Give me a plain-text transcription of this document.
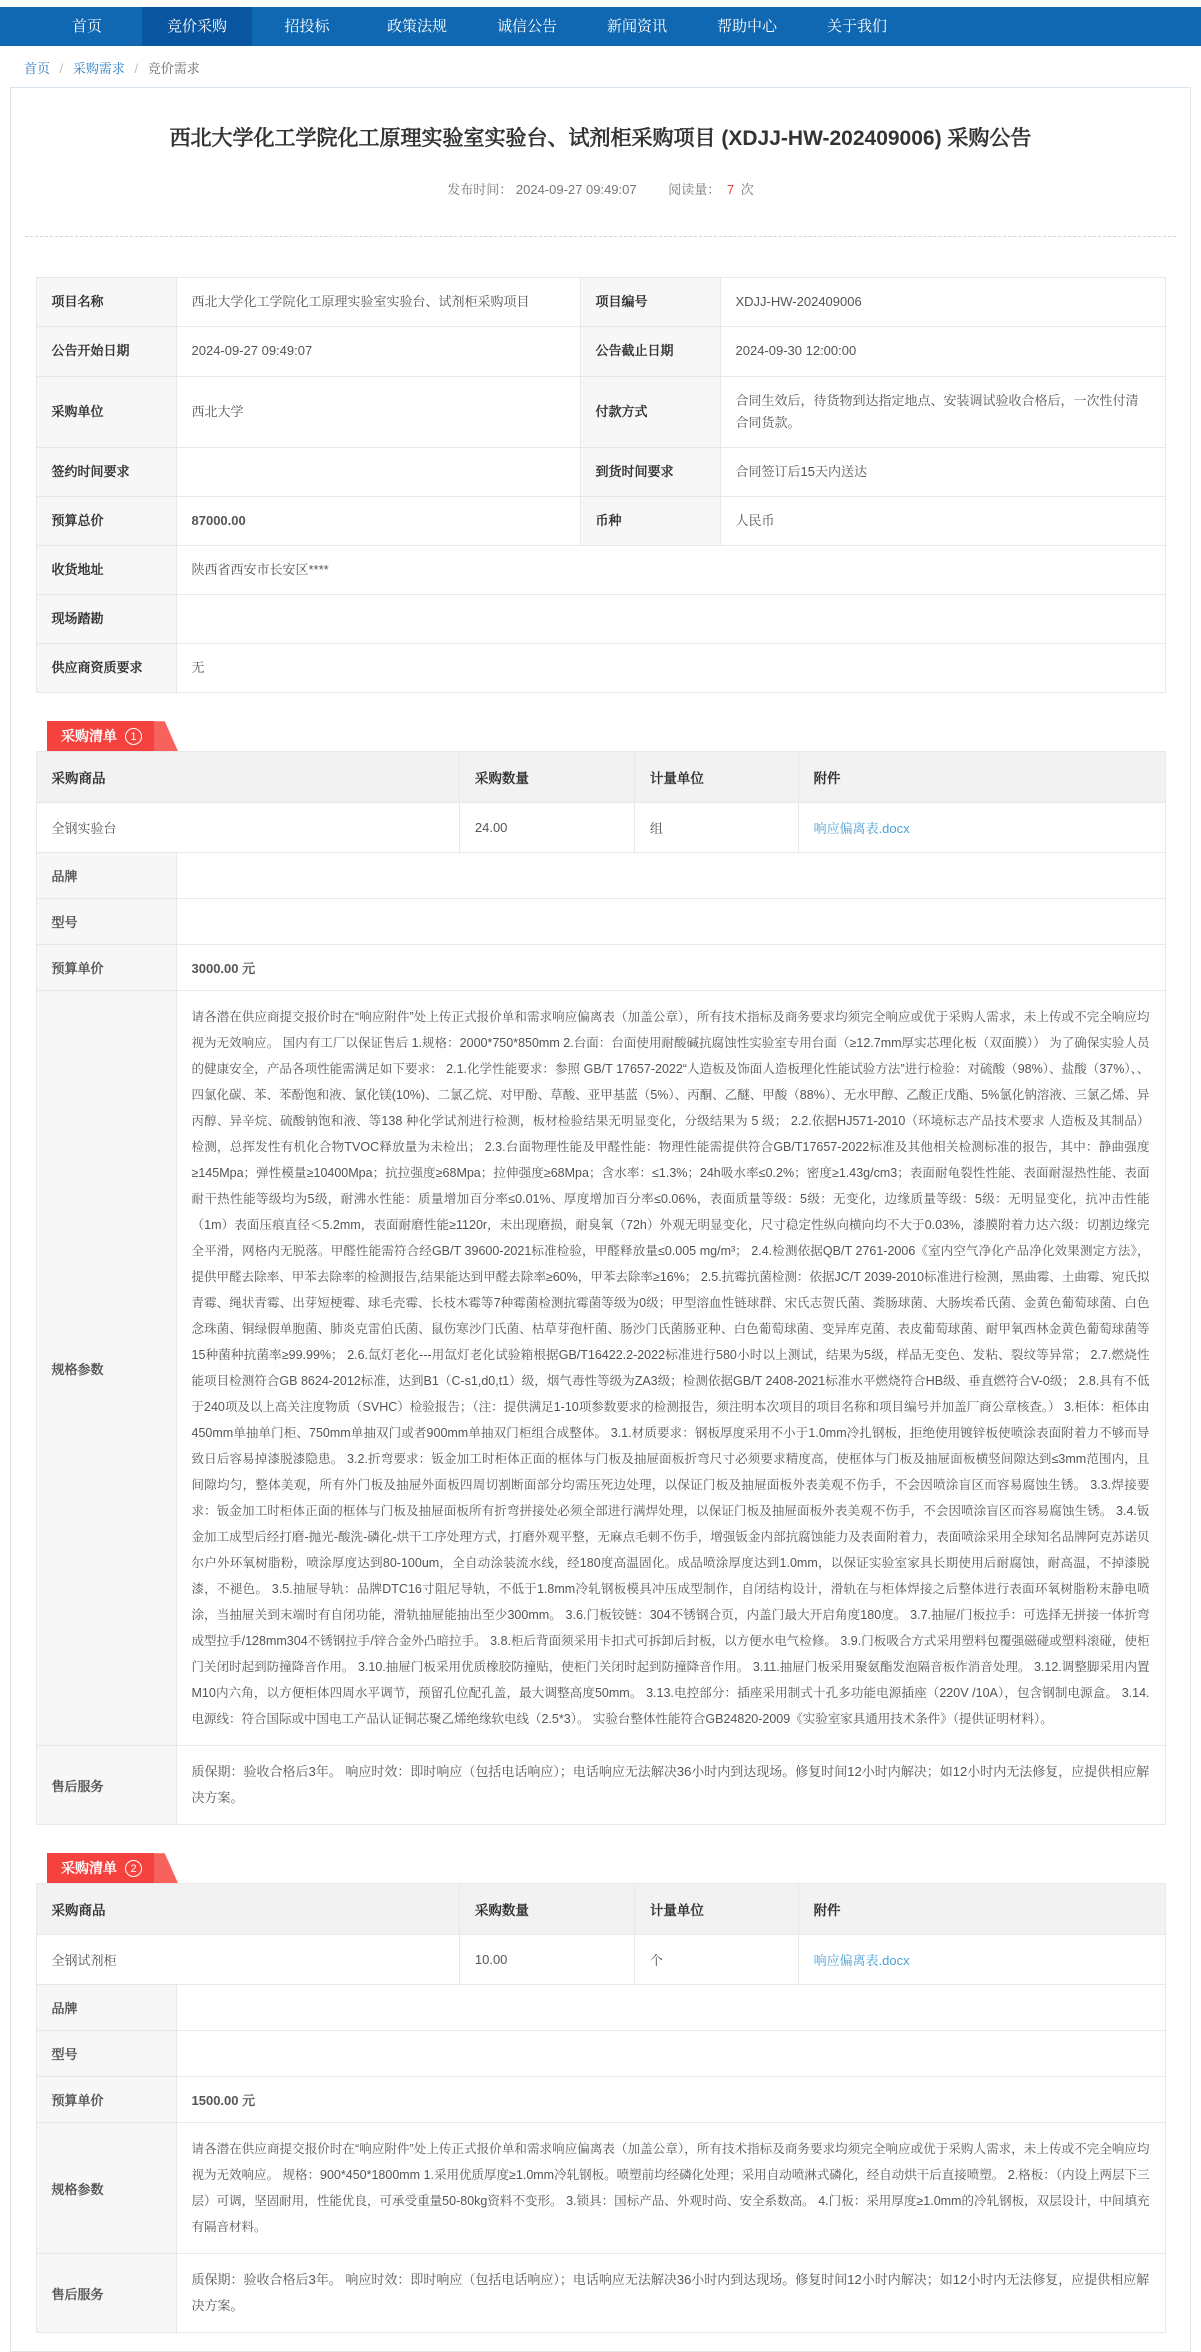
首页	竞价采购	招投标	政策法规	诚信公告	新闻资讯	帮助中心	关于我们
首页 / 采购需求 / 竞价需求
西北大学化工学院化工原理实验室实验台、试剂柜采购项目 (XDJJ-HW-202409006) 采购公告
发布时间： 2024-09-27 09:49:07 阅读量： 7 次
项目名称	西北大学化工学院化工原理实验室实验台、试剂柜采购项目	项目编号	XDJJ-HW-202409006
公告开始日期	2024-09-27 09:49:07	公告截止日期	2024-09-30 12:00:00
采购单位	西北大学	付款方式	合同生效后，待货物到达指定地点、安装调试验收合格后，一次性付清合同货款。
签约时间要求		到货时间要求	合同签订后15天内送达
预算总价	87000.00	币种	人民币
收货地址	陕西省西安市长安区****		
现场踏勘			
供应商资质要求	无		
采购清单	1
采购商品	采购数量	计量单位	附件
全钢实验台	24.00	组	响应偏离表.docx
品牌	
型号	
预算单价	3000.00 元
规格参数	请各潜在供应商提交报价时在“响应附件”处上传正式报价单和需求响应偏离表（加盖公章），所有技术指标及商务要求均须完全响应或优于采购人需求，未上传或不完全响应均视为无效响应。 国内有工厂以保证售后 1.规格：2000*750*850mm 2.台面：台面使用耐酸碱抗腐蚀性实验室专用台面（≥12.7mm厚实芯理化板（双面膜）） 为了确保实验人员的健康安全，产品各项性能需满足如下要求： 2.1.化学性能要求：参照 GB/T 17657-2022“人造板及饰面人造板理化性能试验方法”进行检验：对硫酸（98%）、盐酸（37%）、、四氯化碳、苯、苯酚饱和液、氯化镁(10%)、二氯乙烷、对甲酚、草酸、亚甲基蓝（5%）、丙酮、乙醚、甲酸（88%）、无水甲醇、乙酸正戊酯、5%氯化钠溶液、三氯乙烯、异丙醇、异辛烷、硫酸钠饱和液、等138 种化学试剂进行检测，板材检验结果无明显变化，分级结果为 5 级； 2.2.依据HJ571-2010（环境标志产品技术要求 人造板及其制品）检测，总挥发性有机化合物TVOC释放量为未检出； 2.3.台面物理性能及甲醛性能：物理性能需提供符合GB/T17657-2022标准及其他相关检测标准的报告，其中：静曲强度≥145Mpa；弹性模量≥10400Mpa；抗拉强度≥68Mpa；拉伸强度≥68Mpa；含水率：≤1.3%；24h吸水率≤0.2%；密度≥1.43g/cm3；表面耐龟裂性性能、表面耐湿热性能、表面耐干热性能等级均为5级，耐沸水性能：质量增加百分率≤0.01%、厚度增加百分率≤0.06%，表面质量等级：5级：无变化，边缘质量等级：5级：无明显变化，抗冲击性能（1m）表面压痕直径＜5.2mm，表面耐磨性能≥1120r，未出现磨损，耐臭氧（72h）外观无明显变化，尺寸稳定性纵向横向均不大于0.03%，漆膜附着力达六级：切割边缘完全平滑，网格内无脱落。甲醛性能需符合经GB/T 39600-2021标准检验，甲醛释放量≤0.005 mg/m³； 2.4.检测依据QB/T 2761-2006《室内空气净化产品净化效果测定方法》，提供甲醛去除率、甲苯去除率的检测报告,结果能达到甲醛去除率≥60%，甲苯去除率≥16%； 2.5.抗霉抗菌检测：依据JC/T 2039-2010标准进行检测，黑曲霉、土曲霉、宛氏拟青霉、绳状青霉、出芽短梗霉、球毛壳霉、长枝木霉等7种霉菌检测抗霉菌等级为0级；甲型溶血性链球群、宋氏志贺氏菌、粪肠球菌、大肠埃希氏菌、金黄色葡萄球菌、白色念珠菌、铜绿假单胞菌、肺炎克雷伯氏菌、鼠伤寒沙门氏菌、枯草芽孢杆菌、肠沙门氏菌肠亚种、白色葡萄球菌、变异库克菌、表皮葡萄球菌、耐甲氧西林金黄色葡萄球菌等15种菌种抗菌率≥99.99%； 2.6.氙灯老化---用氙灯老化试验箱根据GB/T16422.2-2022标准进行580小时以上测试，结果为5级，样品无变色、发粘、裂纹等异常； 2.7.燃烧性能项目检测符合GB 8624-2012标准，达到B1（C-s1,d0,t1）级，烟气毒性等级为ZA3级；检测依据GB/T 2408-2021标准水平燃烧符合HB级、垂直燃符合V-0级； 2.8.具有不低于240项及以上高关注度物质（SVHC）检验报告；（注：提供满足1-10项参数要求的检测报告，须注明本次项目的项目名称和项目编号并加盖厂商公章核查。） 3.柜体：柜体由450mm单抽单门柜、750mm单抽双门或者900mm单抽双门柜组合成整体。 3.1.材质要求：钢板厚度采用不小于1.0mm冷扎钢板，拒绝使用镀锌板使喷涂表面附着力不够而导致日后容易掉漆脱漆隐患。 3.2.折弯要求：钣金加工时柜体正面的框体与门板及抽屉面板折弯尺寸必须要求精度高，使框体与门板及抽屉面板横竖间隙达到≤3mm范围内，且间隙均匀，整体美观，所有外门板及抽屉外面板四周切割断面部分均需压死边处理，以保证门板及抽屉面板外表美观不伤手，不会因喷涂盲区而容易腐蚀生锈。 3.3.焊接要求：钣金加工时柜体正面的框体与门板及抽屉面板所有折弯拼接处必须全部进行满焊处理，以保证门板及抽屉面板外表美观不伤手，不会因喷涂盲区而容易腐蚀生锈。 3.4.钣金加工成型后经打磨-抛光-酸洗-磷化-烘干工序处理方式，打磨外观平整，无麻点毛刺不伤手，增强钣金内部抗腐蚀能力及表面附着力，表面喷涂采用全球知名品牌阿克苏诺贝尔户外环氧树脂粉，喷涂厚度达到80-100um，全自动涂装流水线，经180度高温固化。成品喷涂厚度达到1.0mm，以保证实验室家具长期使用后耐腐蚀，耐高温，不掉漆脱漆，不褪色。 3.5.抽屉导轨：品牌DTC16寸阻尼导轨，不低于1.8mm冷轧钢板模具冲压成型制作，自闭结构设计，滑轨在与柜体焊接之后整体进行表面环氧树脂粉末静电喷涂，当抽屉关到末端时有自闭功能，滑轨抽屉能抽出至少300mm。 3.6.门板铰链：304不锈钢合页，内盖门最大开启角度180度。 3.7.抽屉/门板拉手：可选择无拼接一体折弯成型拉手/128mm304不锈钢拉手/锌合金外凸暗拉手。 3.8.柜后背面须采用卡扣式可拆卸后封板，以方便水电气检修。 3.9.门板吸合方式采用塑料包覆强磁碰或塑料滚碰，使柜门关闭时起到防撞降音作用。 3.10.抽屉门板采用优质橡胶防撞贴，使柜门关闭时起到防撞降音作用。 3.11.抽屉门板采用聚氨酯发泡隔音板作消音处理。 3.12.调整脚采用内置M10内六角，以方便柜体四周水平调节，预留孔位配孔盖，最大调整高度50mm。 3.13.电控部分：插座采用制式十孔多功能电源插座（220V /10A），包含钢制电源盒。 3.14.电源线：符合国际或中国电工产品认证铜芯聚乙烯绝缘软电线（2.5*3）。 实验台整体性能符合GB24820-2009《实验室家具通用技术条件》（提供证明材料）。
售后服务	质保期：验收合格后3年。 响应时效：即时响应（包括电话响应）；电话响应无法解决36小时内到达现场。修复时间12小时内解决；如12小时内无法修复，应提供相应解决方案。
采购清单	2
采购商品	采购数量	计量单位	附件
全钢试剂柜	10.00	个	响应偏离表.docx
品牌	
型号	
预算单价	1500.00 元
规格参数	请各潜在供应商提交报价时在“响应附件”处上传正式报价单和需求响应偏离表（加盖公章），所有技术指标及商务要求均须完全响应或优于采购人需求，未上传或不完全响应均视为无效响应。 规格：900*450*1800mm 1.采用优质厚度≥1.0mm冷轧钢板。喷塑前均经磷化处理；采用自动喷淋式磷化，经自动烘干后直接喷塑。 2.格板：（内设上两层下三层）可调，坚固耐用，性能优良，可承受重量50-80kg资料不变形。 3.锁具：国标产品、外观时尚、安全系数高。 4.门板：采用厚度≥1.0mm的冷轧钢板，双层设计，中间填充有隔音材料。
售后服务	质保期：验收合格后3年。 响应时效：即时响应（包括电话响应）；电话响应无法解决36小时内到达现场。修复时间12小时内解决；如12小时内无法修复，应提供相应解决方案。
